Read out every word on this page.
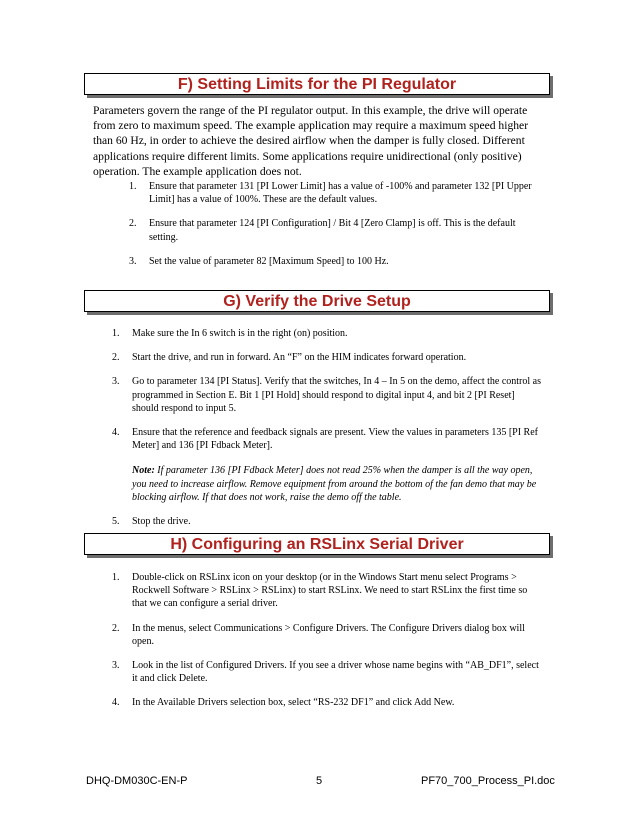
F) Setting Limits for the PI Regulator
Parameters govern the range of the PI regulator output. In this example, the drive will operate from zero to maximum speed. The example application may require a maximum speed higher than 60 Hz, in order to achieve the desired airflow when the damper is fully closed. Different applications require different limits. Some applications require unidirectional (only positive) operation. The example application does not.
1. Ensure that parameter 131 [PI Lower Limit] has a value of -100% and parameter 132 [PI Upper Limit] has a value of 100%. These are the default values.
2. Ensure that parameter 124 [PI Configuration] / Bit 4 [Zero Clamp] is off. This is the default setting.
3. Set the value of parameter 82 [Maximum Speed] to 100 Hz.
G) Verify the Drive Setup
1. Make sure the In 6 switch is in the right (on) position.
2. Start the drive, and run in forward. An “F” on the HIM indicates forward operation.
3. Go to parameter 134 [PI Status]. Verify that the switches, In 4 – In 5 on the demo, affect the control as programmed in Section E. Bit 1 [PI Hold] should respond to digital input 4, and bit 2 [PI Reset] should respond to input 5.
4. Ensure that the reference and feedback signals are present. View the values in parameters 135 [PI Ref Meter] and 136 [PI Fdback Meter].
Note: If parameter 136 [PI Fdback Meter] does not read 25% when the damper is all the way open, you need to increase airflow. Remove equipment from around the bottom of the fan demo that may be blocking airflow. If that does not work, raise the demo off the table.
5. Stop the drive.
H) Configuring an RSLinx Serial Driver
1. Double-click on RSLinx icon on your desktop (or in the Windows Start menu select Programs > Rockwell Software > RSLinx > RSLinx) to start RSLinx. We need to start RSLinx the first time so that we can configure a serial driver.
2. In the menus, select Communications > Configure Drivers. The Configure Drivers dialog box will open.
3. Look in the list of Configured Drivers. If you see a driver whose name begins with “AB_DF1”, select it and click Delete.
4. In the Available Drivers selection box, select “RS-232 DF1” and click Add New.
DHQ-DM030C-EN-P	5	PF70_700_Process_PI.doc
